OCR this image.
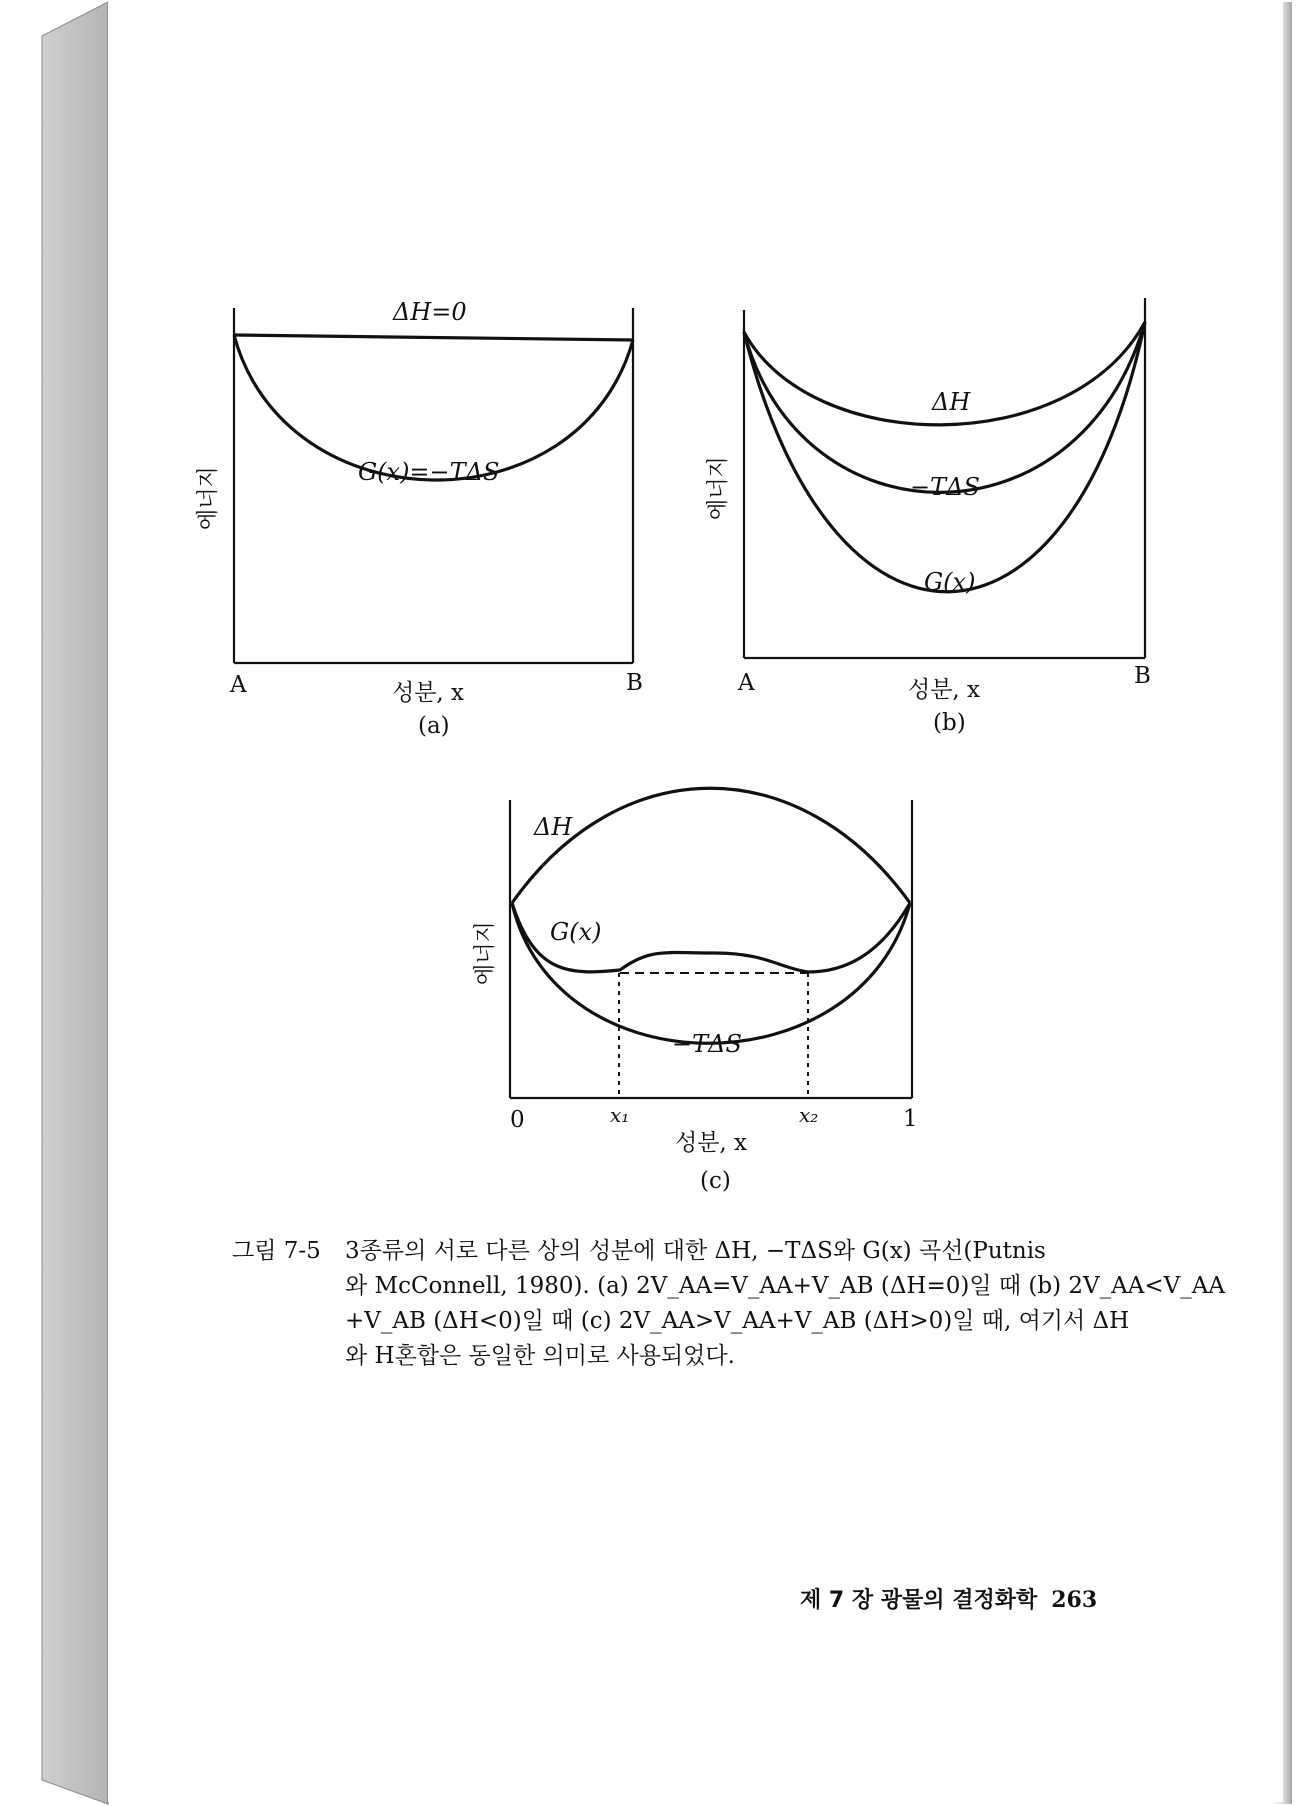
ΔH=0
G(x)=−TΔS
에너지
A	B
성분, x
(a)
ΔH
−TΔS
G(x)
에너지
A	B
성분, x
(b)
ΔH
G(x)
−TΔS
에너지
0	x₁	x₂	1
성분, x
(c)
그림 7-5 3종류의 서로 다른 상의 성분에 대한 ΔH, −TΔS와 G(x) 곡선(Putnis
와 McConnell, 1980). (a) 2V_AA=V_AA+V_AB (ΔH=0)일 때 (b) 2V_AA<V_AA
+V_AB (ΔH<0)일 때 (c) 2V_AA>V_AA+V_AB (ΔH>0)일 때, 여기서 ΔH
와 H혼합은 동일한 의미로 사용되었다.
제 7 장 광물의 결정화학 263
